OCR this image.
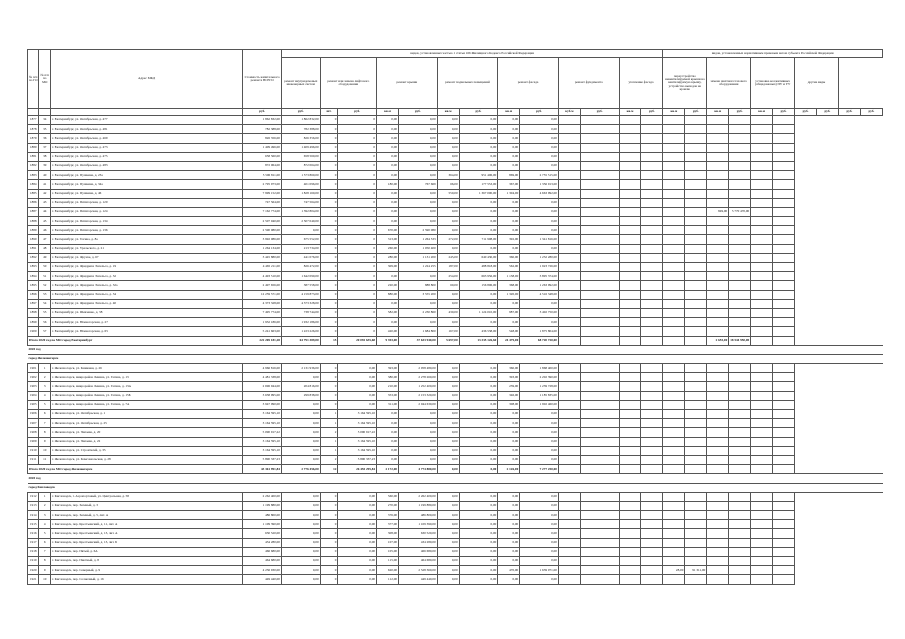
№ п/п по ГО	№ п/п по МО	Адрес МКД	Стоимость капитального ремонта ВСЕГО	видов, установленных частью 1 статьи 166 Жилищного Кодекса Российской Федерации													видов, установленных нормативным правовым актом субъекта Российской Федерации									
				ремонт внутридомовых инженерных систем	ремонт или замена лифтового оборудования		ремонт крыши		ремонт подвальных помещений		ремонт фасада		ремонт фундамента		утепление фасада		переустройство невентилируемой крыши на вентилируемую крышу, устройство выходов на кровлю		замена шахтного/газового оборудования		установка коллективных (общедомовых) ПУ и УУ		другие виды			
			руб.	руб.	шт.	руб.	кв.м	руб.	кв.м	руб.	кв.м	руб.	куб.м	руб.	кв.м	руб.	кв.м	руб.	кв.м	руб.	кв.м	руб.	руб.	руб.	руб.	руб.
1877	34	г. Екатеринбург, ул. Октябрьская, д. 477	1 862 832,00	1 862 832,00	0	0	0,00	0,00	0,00	0,00	0,00	0,00														
1878	35	г. Екатеринбург, ул. Октябрьская, д. 481	782 388,00	782 388,00	0	0	0,00	0,00	0,00	0,00	0,00	0,00														
1879	36	г. Екатеринбург, ул. Октябрьская, д. 469	826 356,00	826 356,00	0	0	0,00	0,00	0,00	0,00	0,00	0,00														
1880	37	г. Екатеринбург, ул. Октябрьская, д. 473	1 409 496,00	1 409 496,00	0	0	0,00	0,00	0,00	0,00	0,00	0,00														
1881	38	г. Екатеринбург, ул. Октябрьская, д. 475	658 560,00	658 560,00	0	0	0,00	0,00	0,00	0,00	0,00	0,00														
1882	39	г. Екатеринбург, ул. Октябрьская, д. 483	872 064,00	872 064,00	0	0	0,00	0,00	0,00	0,00	0,00	0,00														
1883	40	г. Екатеринбург, ул. Пушкина, д. 23а	5 506 811,00	1 573 860,00	0	0	0,00	0,00	364,00	951 406,00	869,00	2 755 515,00														
1884	41	г. Екатеринбург, ул. Пушкина, д. 34а	2 795 973,00	401 096,00	0	0	180,00	767 669	66,00	177 553,00	367,00	1 356 913,00														
1885	42	г. Екатеринбург, ул. Пушкина, д. 46	7 999 152,00	1 828 160,00	0	0	0,00	0,00	550,00	1 367 000,00	1 304,00	4 663 992,00														
1886	43	г. Екатеринбург, ул. Пятигорская, д. 120	747 564,00	747 564,00	0	0	0,00	0,00	0,00	0,00	0,00	0,00														
1887	44	г. Екатеринбург, ул. Пятигорская, д. 124	7 162 774,00	1 392 804,00	0	0	0,00	0,00	0,00	0,00	0,00	0,00							849,00	5 770 470,00						
1888	45	г. Екатеринбург, ул. Пятигорская, д. 134	2 507 040,00	2 507 040,00	0	0	0,00	0,00	0,00	0,00	0,00	0,00														
1889	46	г. Екатеринбург, ул. Пятигорская, д. 136	2 590 080,00	0,00	0	0	670,00	2 590 080	0,00	0,00	0,00	0,00														
1890	47	г. Екатеринбург, ул. Тогина, д. 8а	3 992 086,00	675 552,00	0	0	313,00	1 264 533	272,00	711 908,00	392,00	1 341 816,00														
1891	48	г. Екатеринбург, ул. Уральского, д. 21	1 264 134,00	213 734,00	0	0	260,00	1 050 400	0,00	0,00	0,00	0,00														
1892	49	г. Екатеринбург, ул. Фрунзе, д. 67	3 445 880,00	441 076,00	0	0	280,00	1 131 200	245,00	640 430,00	360,00	1 232 280,00														
1893	50	г. Екатеринбург, ул. Фридриха Энгельса, д. 19	4 465 211,00	826 472,00	0	0	309,00	1 224 255	187,00	488 818,00	562,00	1 923 726,00														
1894	51	г. Екатеринбург, ул. Фридриха Энгельса, д. 32	4 493 510,00	1 642 090,00	0	0	0,00	0,00	254,00	663 956,00	1 138,00	3 895 374,00														
1895	52	г. Екатеринбург, ул. Фридриха Энгельса, д. 32а	2 497 656,00	387 558,00	0	0	220,00	888 800	60,00	156 806,00	368,00	1 263 992,00														
1896	53	г. Екатеринбург, ул. Фридриха Энгельса, д. 34	12 259 571,00	4 159 873,00	0	0	880,00	3 555 200	0,00	0,00	1 320,00	4 516 348,00														
1897	54	г. Екатеринбург, ул. Фридриха Энгельса, д. 40	4 373 328,00	4 373 328,00	0	0	0,00	0,00	0,00	0,00	0,00	0,00														
1898	55	г. Екатеринбург, ул. Шевченко, д. 38	7 495 774,00	738 744,00	0	0	582,00	2 230 860	430,00	1 124 010,00	987,00	3 402 750,00														
1899	56	г. Екатеринбург, ул. Южногорская, д. 27	1 932 186,00	1 932 186,00	0	0	0,00	0,00	0,00	0,00	0,00	0,00														
1900	57	г. Екатеринбург, ул. Южногорская, д. 65	5 241 663,00	1 223 226,00	0	0	420,00	1 684 800	167,00	436 538,00	548,00	1 875 804,00														
Итого 2020 год по МО город Екатеринбург			222 269 181,28	64 791 389,00	15	20 092 635,68	9 393,00	37 633 940,00	5 697,00	13 335 126,60	24 479,00	68 720 720,00							2 655,00	18 544 950,00						
2020 год																										
город Железногорск																										
1901	1	г. Железногорск, ул. Книжная, д. 26	4 966 816,00	2 131 936,00	0	0,00	393,00	2 058 480,00	0,00	0,00	360,00	1 868 400,00														
1902	2	г. Железногорск, микрорайон Ленина, ул. Гагина, д. 13	4 481 338,00	0,00	0	0,00	380,00	2 278 260,00	0,00	0,00	393,00	2 202 390,00														
1903	3	г. Железногорск, микрорайон Ленина, ул. Гагина, д. 13А	2 696 944,00	204 816,00	0	0,00	210,00	1 252 400,00	0,00	0,00	239,00	1 239 728,00														
1904	4	г. Железногорск, микрорайон Ленина, ул. Гагина, д. 15Б	3 638 995,00	299 838,00	0	0,00	353,00	2 153 320,00	0,00	0,00	346,00	1 185 835,00														
1905	5	г. Железногорск, микрорайон Ленина, ул. Гагина, д. 7А	3 947 090,00	0,00	0	0,00	311,00	2 044 630,00	0,00	0,00	308,00	1 902 460,00														
1906	6	г. Железногорск, ул. Октябрьская, д. 1	3 164 595,10	0,00	1	3 164 595,10	0,00	0,00	0,00	0,00	0,00	0,00														
1907	7	г. Железногорск, ул. Октябрьская, д. 25	3 164 595,10	0,00	1	3 164 595,10	0,00	0,00	0,00	0,00	0,00	0,00														
1908	8	г. Железногорск, ул. Чапаева, д. 20	5 090 917,22	0,00	2	5 090 917,22	0,00	0,00	0,00	0,00	0,00	0,00														
1909	9	г. Железногорск, ул. Чапаева, д. 22	3 164 595,10	0,00	1	3 164 595,10	0,00	0,00	0,00	0,00	0,00	0,00														
1910	10	г. Железногорск, ул. Строителей, д. 35	3 164 595,10	0,00	1	3 164 595,10	0,00	0,00	0,00	0,00	0,00	0,00														
1911	11	г. Железногорск, ул. Комсомольская, д. 28	5 890 337,23	0,00	2	5 890 337,23	0,00	0,00	0,00	0,00	0,00	0,00														
Итого 2020 год по МО город Железногорск			43 361 991,84	2 776 456,00	12	26 455 295,84	2 172,00	4 774 880,00	0,00	0,00	2 126,00	7 277 250,00														
2020 год																										
город Кисловодск																										
1912	1	г. Кисловодск, г. Аэропортовый, ул. Центральная, д. 58	2 262 400,00	0,00	0	0,00	560,00	2 262 400,00	0,00	0,00	0,00	0,00														
1913	2	г. Кисловодск, пер. Зеленый, д. 3	1 199 880,00	0,00	0	0,00	270,00	1 199 880,00	0,00	0,00	0,00	0,00														
1914	3	г. Кисловодск, пер. Зеленый, д. 5, лит. А	486 800,00	0,00	0	0,00	376,00	486 800,00	0,00	0,00	0,00	0,00														
1915	4	г. Кисловодск, пер. Крестьянский, д. 11, лит. А	1 109 390,00	0,00	0	0,00	377,00	1 109 390,00	0,00	0,00	0,00	0,00														
1916	5	г. Кисловодск, пер. Крестьянский, д. 13, лит. А	630 520,00	0,00	0	0,00	308,00	630 520,00	0,00	0,00	0,00	0,00														
1917	6	г. Кисловодск, пер. Крестьянский, д. 13, лит. Б	434 280,00	0,00	0	0,00	107,00	434 280,00	0,00	0,00	0,00	0,00														
1918	7	г. Кисловодск, пер. Пятый, д. 6А	466 680,00	0,00	0	0,00	105,00	466 680,00	0,00	0,00	0,00	0,00														
1919	8	г. Кисловодск, пер. Пиотный, д. 8	464 680,00	0,00	0	0,00	115,00	464 680,00	0,00	0,00	0,00	0,00														
1920	9	г. Кисловодск, пер. Северный, д. 9	4 236 930,00	0,00	0	0,00	620,00	2 528 360,00	0,00	0,00	470,00	1 639 071,00					28,00	91 311,00								
1921	10	г. Кисловодск, пер. Солнечный, д. 16	449 440,00	0,00	0	0,00	112,00	449 440,00	0,00	0,00	0,00	0,00														
